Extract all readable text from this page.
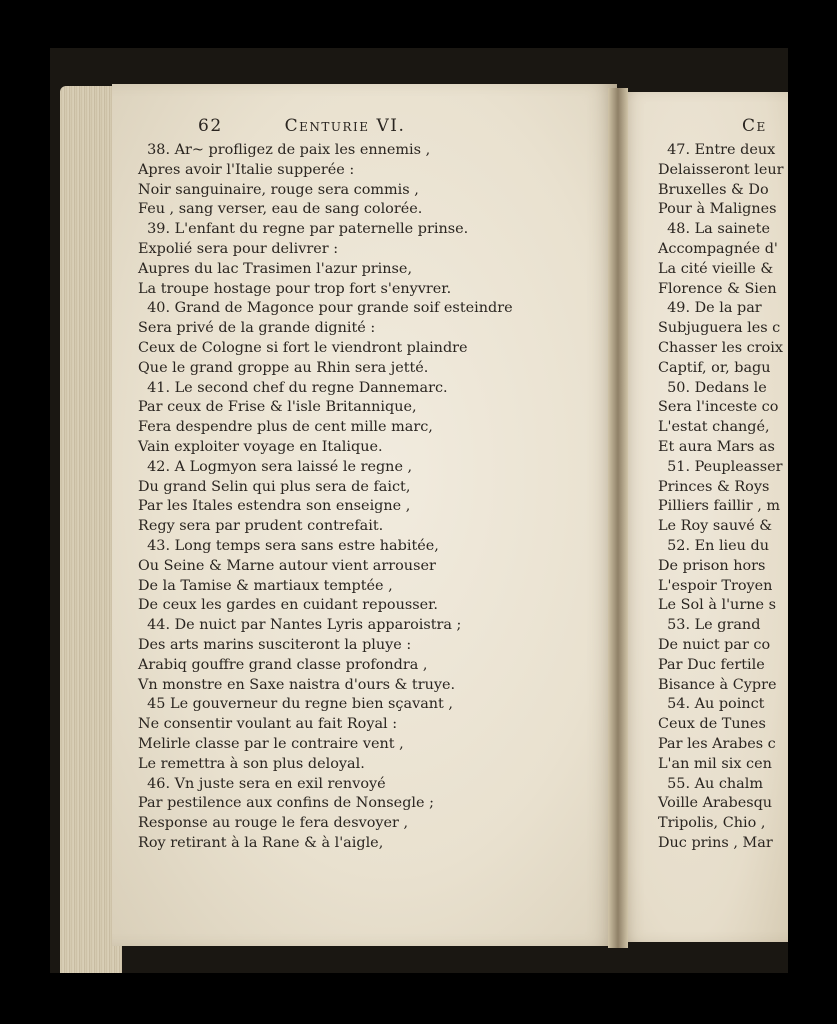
62	Centurie VI.	Ce
38. Ar~ profligez de paix les ennemis ,
Apres avoir l'Italie supperée :
Noir sanguinaire, rouge sera commis ,
Feu , sang verser, eau de sang colorée.
39. L'enfant du regne par paternelle prinse.
Expolié sera pour delivrer :
Aupres du lac Trasimen l'azur prinse,
La troupe hostage pour trop fort s'enyvrer.
40. Grand de Magonce pour grande soif esteindre
Sera privé de la grande dignité :
Ceux de Cologne si fort le viendront plaindre
Que le grand groppe au Rhin sera jetté.
41. Le second chef du regne Dannemarc.
Par ceux de Frise & l'isle Britannique,
Fera despendre plus de cent mille marc,
Vain exploiter voyage en Italique.
42. A Logmyon sera laissé le regne ,
Du grand Selin qui plus sera de faict,
Par les Itales estendra son enseigne ,
Regy sera par prudent contrefait.
43. Long temps sera sans estre habitée,
Ou Seine & Marne autour vient arrouser
De la Tamise & martiaux temptée ,
De ceux les gardes en cuidant repousser.
44. De nuict par Nantes Lyris apparoistra ;
Des arts marins susciteront la pluye :
Arabiq gouffre grand classe profondra ,
Vn monstre en Saxe naistra d'ours & truye.
45 Le gouverneur du regne bien sçavant ,
Ne consentir voulant au fait Royal :
Melirle classe par le contraire vent ,
Le remettra à son plus deloyal.
46. Vn juste sera en exil renvoyé
Par pestilence aux confins de Nonsegle ;
Response au rouge le fera desvoyer ,
Roy retirant à la Rane & à l'aigle,
47. Entre deux
Delaisseront leur
Bruxelles & Do
Pour à Malignes
48. La sainete
Accompagnée d'
La cité vieille &
Florence & Sien
49. De la par
Subjuguera les c
Chasser les croix
Captif, or, bagu
50. Dedans le
Sera l'inceste co
L'estat changé,
Et aura Mars as
51. Peupleasser
Princes & Roys
Pilliers faillir , m
Le Roy sauvé &
52. En lieu du
De prison hors
L'espoir Troyen
Le Sol à l'urne s
53. Le grand
De nuict par co
Par Duc fertile
Bisance à Cypre
54. Au poinct
Ceux de Tunes
Par les Arabes c
L'an mil six cen
55. Au chalm
Voille Arabesqu
Tripolis, Chio ,
Duc prins , Mar
